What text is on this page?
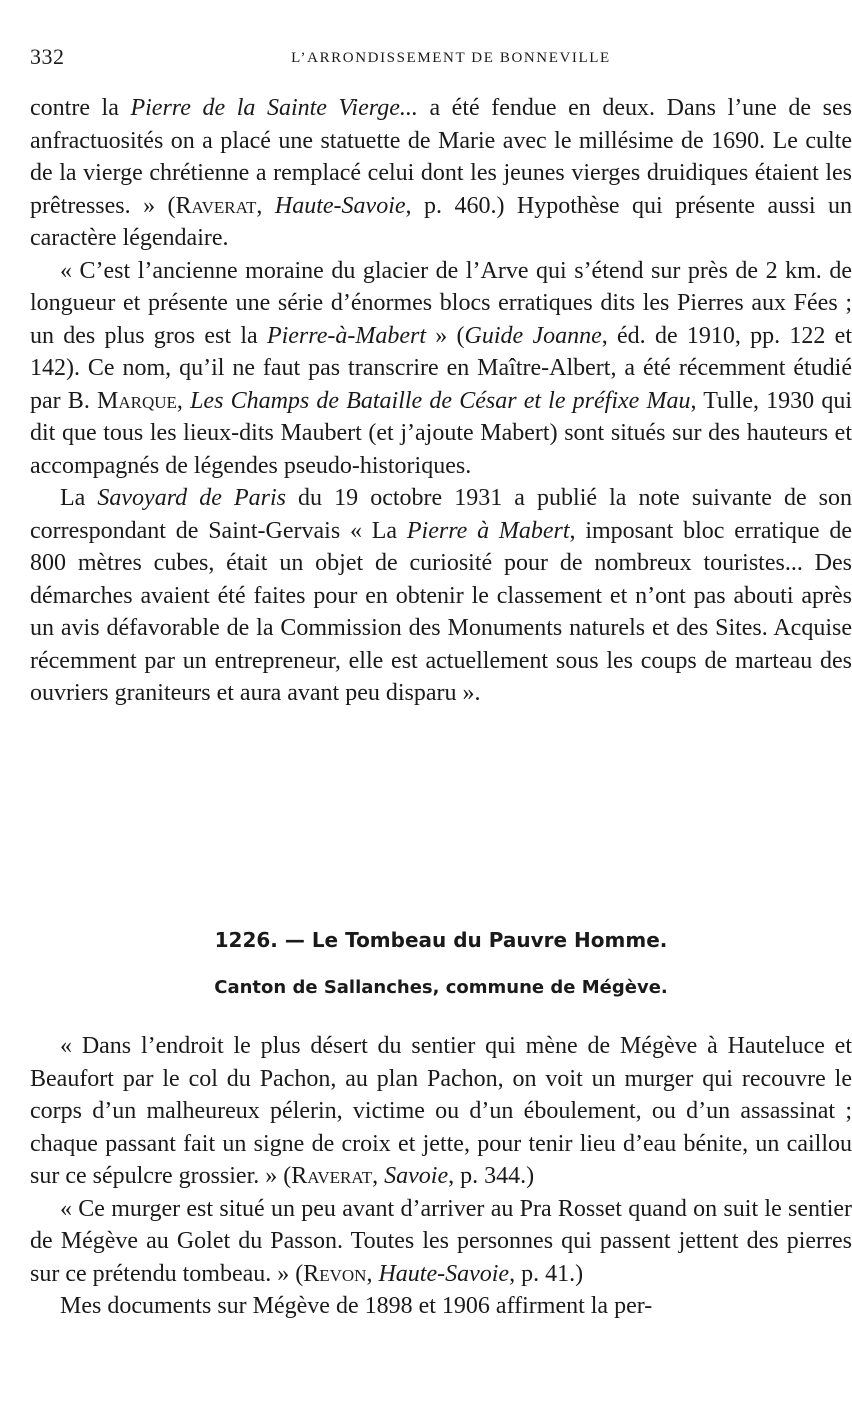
332	L’ARRONDISSEMENT DE BONNEVILLE

contre la Pierre de la Sainte Vierge... a été fendue en deux. Dans l’une de ses anfractuosités on a placé une statuette de Marie avec le millésime de 1690. Le culte de la vierge chrétienne a remplacé celui dont les jeunes vierges druidiques étaient les prêtresses. » (Raverat, Haute-Savoie, p. 460.) Hypothèse qui présente aussi un caractère légendaire.

« C’est l’ancienne moraine du glacier de l’Arve qui s’étend sur près de 2 km. de longueur et présente une série d’énormes blocs erratiques dits les Pierres aux Fées ; un des plus gros est la Pierre-à-Mabert » (Guide Joanne, éd. de 1910, pp. 122 et 142). Ce nom, qu’il ne faut pas transcrire en Maître-Albert, a été récemment étudié par B. Marque, Les Champs de Bataille de César et le préfixe Mau, Tulle, 1930 qui dit que tous les lieux-dits Maubert (et j’ajoute Mabert) sont situés sur des hauteurs et accompagnés de légendes pseudo-historiques.

La Savoyard de Paris du 19 octobre 1931 a publié la note suivante de son correspondant de Saint-Gervais « La Pierre à Mabert, imposant bloc erratique de 800 mètres cubes, était un objet de curiosité pour de nombreux touristes... Des démarches avaient été faites pour en obtenir le classement et n’ont pas abouti après un avis défavorable de la Commission des Monuments naturels et des Sites. Acquise récemment par un entrepreneur, elle est actuellement sous les coups de marteau des ouvriers graniteurs et aura avant peu disparu ».

1226. — Le Tombeau du Pauvre Homme.
Canton de Sallanches, commune de Mégève.

« Dans l’endroit le plus désert du sentier qui mène de Mégève à Hauteluce et Beaufort par le col du Pachon, au plan Pachon, on voit un murger qui recouvre le corps d’un malheureux pélerin, victime ou d’un éboulement, ou d’un assassinat ; chaque passant fait un signe de croix et jette, pour tenir lieu d’eau bénite, un caillou sur ce sépulcre grossier. » (Raverat, Savoie, p. 344.)

« Ce murger est situé un peu avant d’arriver au Pra Rosset quand on suit le sentier de Mégève au Golet du Passon. Toutes les personnes qui passent jettent des pierres sur ce prétendu tombeau. » (Revon, Haute-Savoie, p. 41.)

Mes documents sur Mégève de 1898 et 1906 affirment la per-
